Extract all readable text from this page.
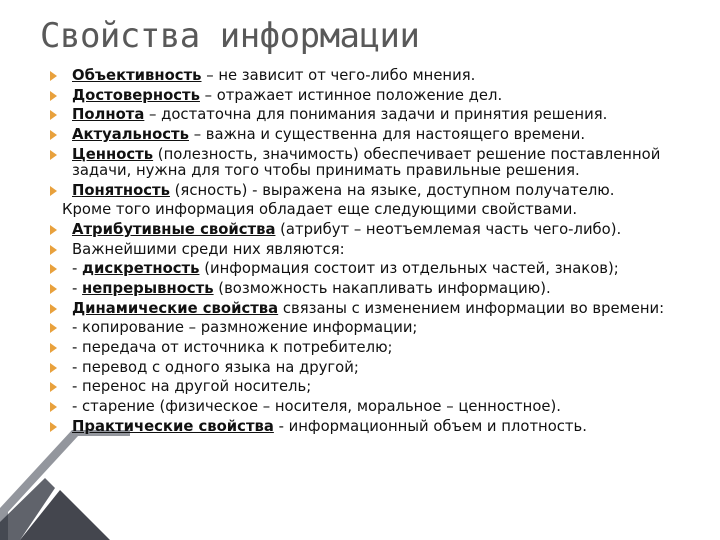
Свойства информации
Объективность – не зависит от чего-либо мнения.
Достоверность – отражает истинное положение дел.
Полнота – достаточна для понимания задачи и принятия решения.
Актуальность – важна и существенна для настоящего времени.
Ценность (полезность, значимость) обеспечивает решение поставленной задачи, нужна для того чтобы принимать правильные решения.
Понятность (ясность) - выражена на языке, доступном получателю.
Кроме того информация обладает еще следующими свойствами.
Атрибутивные свойства (атрибут – неотъемлемая часть чего-либо).
Важнейшими среди них являются:
- дискретность (информация состоит из отдельных частей, знаков);
- непрерывность (возможность накапливать информацию).
Динамические свойства связаны с изменением информации во времени:
- копирование – размножение информации;
- передача от источника к потребителю;
- перевод с одного языка на другой;
- перенос на другой носитель;
- старение (физическое – носителя, моральное – ценностное).
Практические свойства - информационный объем и плотность.
